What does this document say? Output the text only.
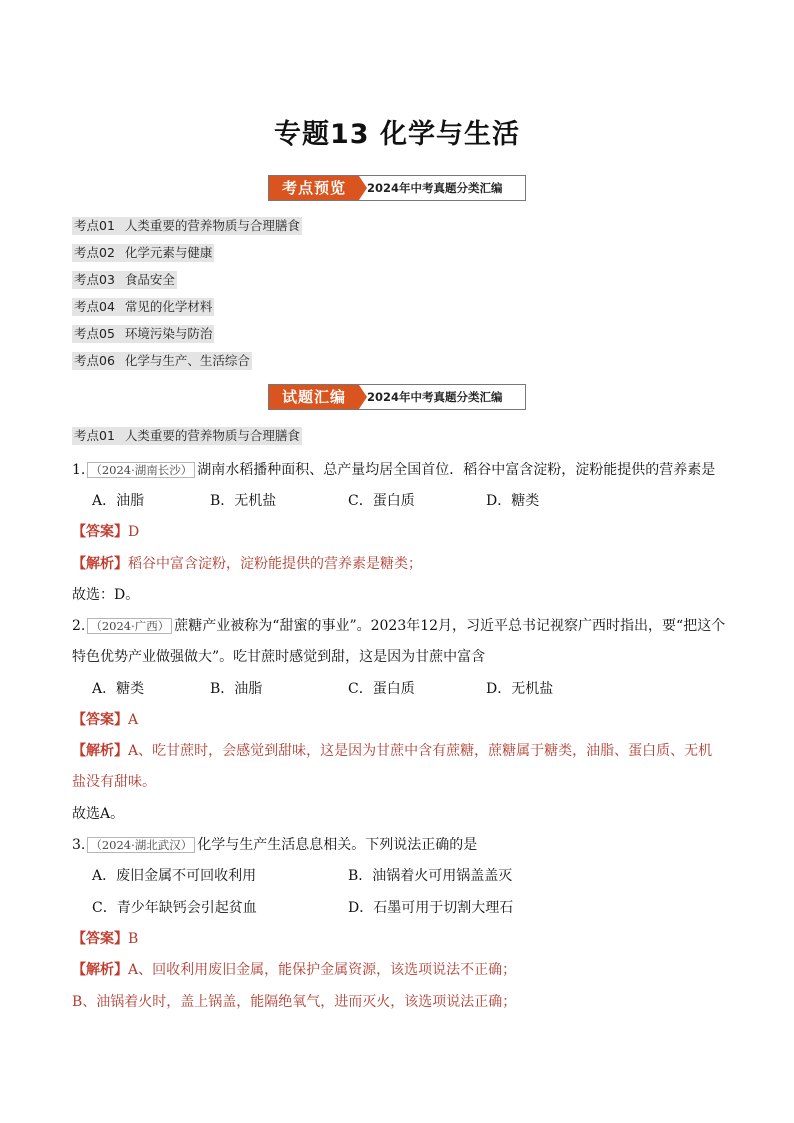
专题13 化学与生活
考点预览	2024年中考真题分类汇编
考点01 人类重要的营养物质与合理膳食
考点02 化学元素与健康
考点03 食品安全
考点04 常见的化学材料
考点05 环境污染与防治
考点06 化学与生产、生活综合
试题汇编	2024年中考真题分类汇编
考点01 人类重要的营养物质与合理膳食
1. （2024·湖南长沙） 湖南水稻播种面积、总产量均居全国首位．稻谷中富含淀粉，淀粉能提供的营养素是
A．油脂	B．无机盐	C．蛋白质	D．糖类
【答案】D
【解析】稻谷中富含淀粉，淀粉能提供的营养素是糖类；
故选：D。
2. （2024·广西） 蔗糖产业被称为“甜蜜的事业”。2023年12月，习近平总书记视察广西时指出，要“把这个
特色优势产业做强做大”。吃甘蔗时感觉到甜，这是因为甘蔗中富含
A．糖类	B．油脂	C．蛋白质	D．无机盐
【答案】A
【解析】A、吃甘蔗时，会感觉到甜味，这是因为甘蔗中含有蔗糖，蔗糖属于糖类，油脂、蛋白质、无机
盐没有甜味。
故选A。
3. （2024·湖北武汉） 化学与生产生活息息相关。下列说法正确的是
A．废旧金属不可回收利用	B．油锅着火可用锅盖盖灭
C．青少年缺钙会引起贫血	D．石墨可用于切割大理石
【答案】B
【解析】A、回收利用废旧金属，能保护金属资源，该选项说法不正确；
B、油锅着火时，盖上锅盖，能隔绝氧气，进而灭火，该选项说法正确；
